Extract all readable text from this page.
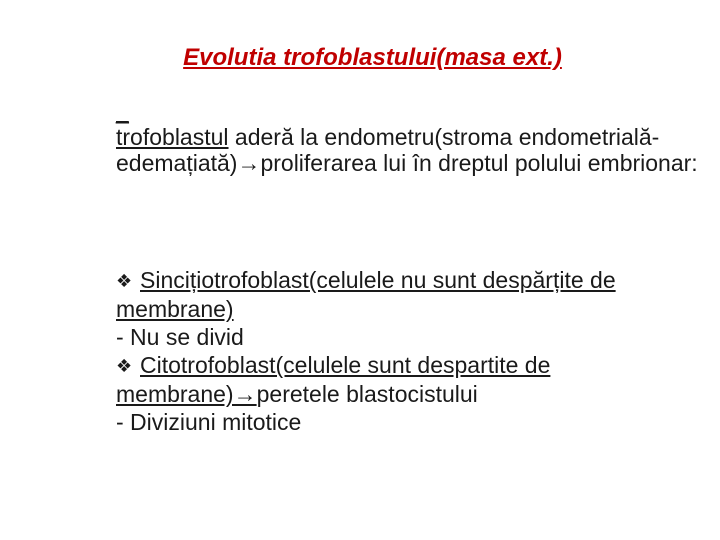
Evolutia trofoblastului(masa ext.)
_

trofoblastul aderă la endometru(stroma endometrială-edemațiată)→proliferarea lui în dreptul polului embrionar:

❖ Sincițiotrofoblast(celulele nu sunt despărțite de membrane)

- Nu se divid

❖ Citotrofoblast(celulele sunt despartite de membrane)→peretele blastocistului

- Diviziuni mitotice
